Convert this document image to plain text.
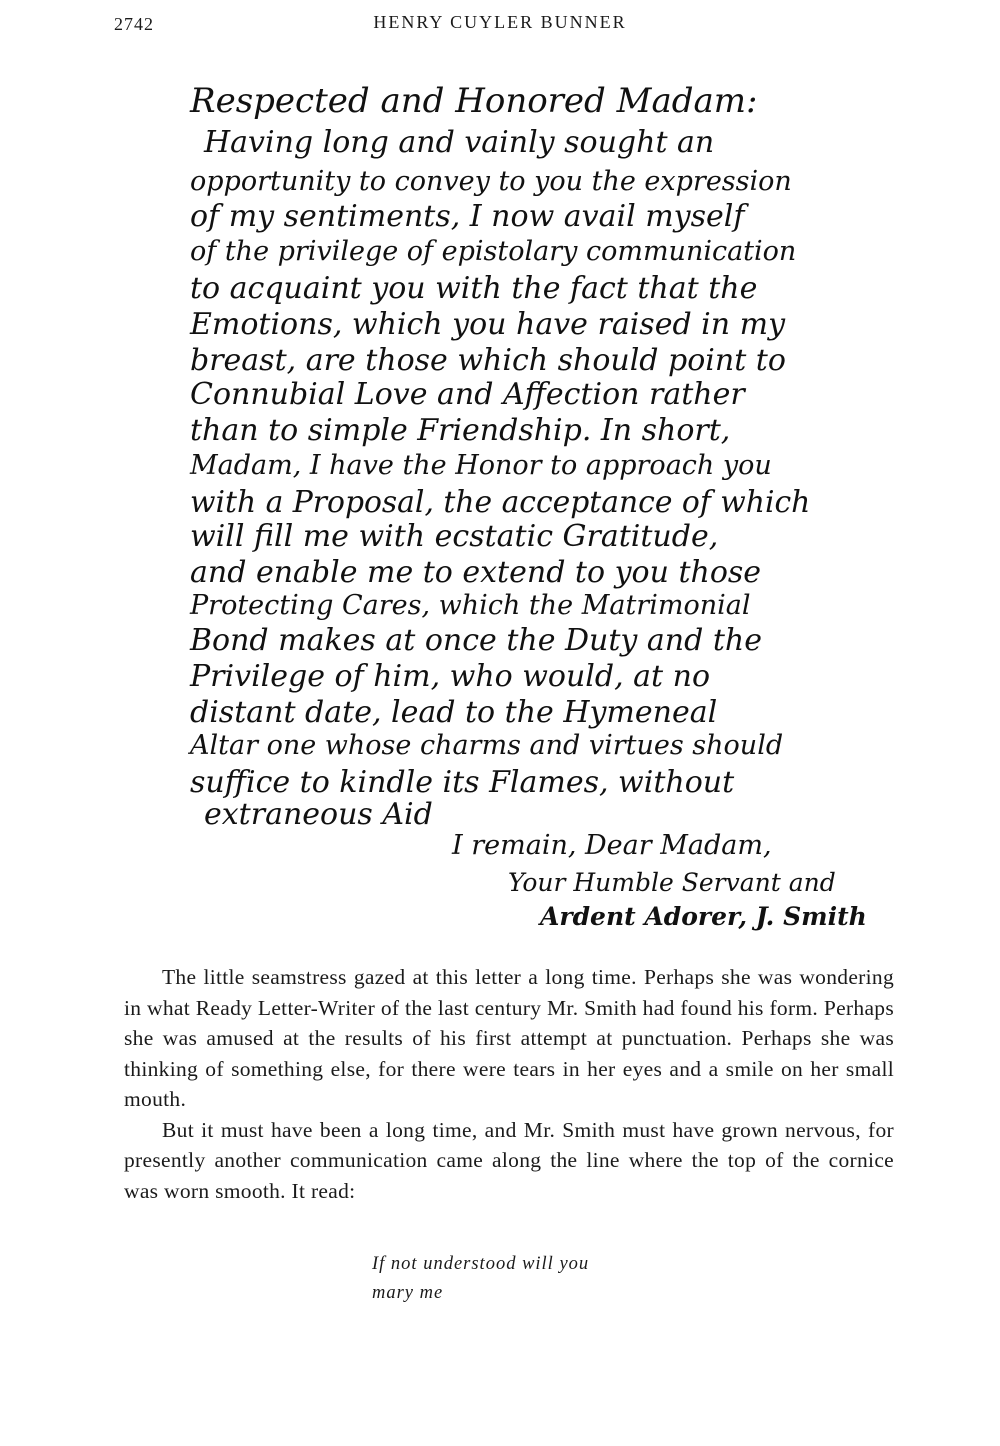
2742	HENRY CUYLER BUNNER
Respected and Honored Madam:
Having long and vainly sought an
opportunity to convey to you the expression
of my sentiments, I now avail myself
of the privilege of epistolary communication
to acquaint you with the fact that the
Emotions, which you have raised in my
breast, are those which should point to
Connubial Love and Affection rather
than to simple Friendship. In short,
Madam, I have the Honor to approach you
with a Proposal, the acceptance of which
will fill me with ecstatic Gratitude,
and enable me to extend to you those
Protecting Cares, which the Matrimonial
Bond makes at once the Duty and the
Privilege of him, who would, at no
distant date, lead to the Hymeneal
Altar one whose charms and virtues should
suffice to kindle its Flames, without
extraneous Aid
I remain, Dear Madam,
Your Humble Servant and
Ardent Adorer, J. Smith

The little seamstress gazed at this letter a long time. Perhaps she was wondering in what Ready Letter-Writer of the last century Mr. Smith had found his form. Perhaps she was amused at the results of his first attempt at punctuation. Perhaps she was thinking of something else, for there were tears in her eyes and a smile on her small mouth.

But it must have been a long time, and Mr. Smith must have grown nervous, for presently another communication came along the line where the top of the cornice was worn smooth. It read:

If not understood will you
mary me
